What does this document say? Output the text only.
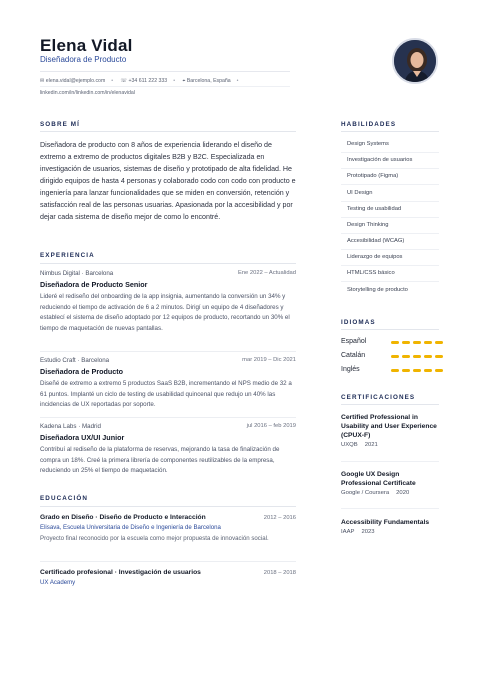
Elena Vidal
Diseñadora de Producto
✉ elena.vidal@ejemplo.com • ☏ +34 611 222 333 • ⌖ Barcelona, España •
linkedin.com/in/linkedin.com/in/elenavidal
SOBRE MÍ
Diseñadora de producto con 8 años de experiencia liderando el diseño de extremo a extremo de productos digitales B2B y B2C. Especializada en investigación de usuarios, sistemas de diseño y prototipado de alta fidelidad. He dirigido equipos de hasta 4 personas y colaborado codo con codo con producto e ingeniería para lanzar funcionalidades que se miden en conversión, retención y satisfacción real de las personas usuarias. Apasionada por la accesibilidad y por dejar cada sistema de diseño mejor de como lo encontré.
EXPERIENCIA
Nimbus Digital · Barcelona	Ene 2022 – Actualidad
Diseñadora de Producto Senior
Lideré el rediseño del onboarding de la app insignia, aumentando la conversión un 34% y reduciendo el tiempo de activación de 6 a 2 minutos. Dirigí un equipo de 4 diseñadores y establecí el sistema de diseño adoptado por 12 equipos de producto, recortando un 30% el tiempo de maquetación de nuevas pantallas.
Estudio Craft · Barcelona	mar 2019 – Dic 2021
Diseñadora de Producto
Diseñé de extremo a extremo 5 productos SaaS B2B, incrementando el NPS medio de 32 a 61 puntos. Implanté un ciclo de testing de usabilidad quincenal que redujo un 40% las incidencias de UX reportadas por soporte.
Kadena Labs · Madrid	jul 2016 – feb 2019
Diseñadora UX/UI Junior
Contribuí al rediseño de la plataforma de reservas, mejorando la tasa de finalización de compra un 18%. Creé la primera librería de componentes reutilizables de la empresa, reduciendo un 25% el tiempo de maquetación.
EDUCACIÓN
Grado en Diseño · Diseño de Producto e Interacción	2012 – 2016
Elisava, Escuela Universitaria de Diseño e Ingeniería de Barcelona
Proyecto final reconocido por la escuela como mejor propuesta de innovación social.
Certificado profesional · Investigación de usuarios	2018 – 2018
UX Academy
HABILIDADES
Design Systems
Investigación de usuarios
Prototipado (Figma)
UI Design
Testing de usabilidad
Design Thinking
Accesibilidad (WCAG)
Liderazgo de equipos
HTML/CSS básico
Storytelling de producto
IDIOMAS
Español
Catalán
Inglés
CERTIFICACIONES
Certified Professional in Usability and User Experience (CPUX-F)
UXQB 2021
Google UX Design Professional Certificate
Google / Coursera 2020
Accessibility Fundamentals
IAAP 2023
